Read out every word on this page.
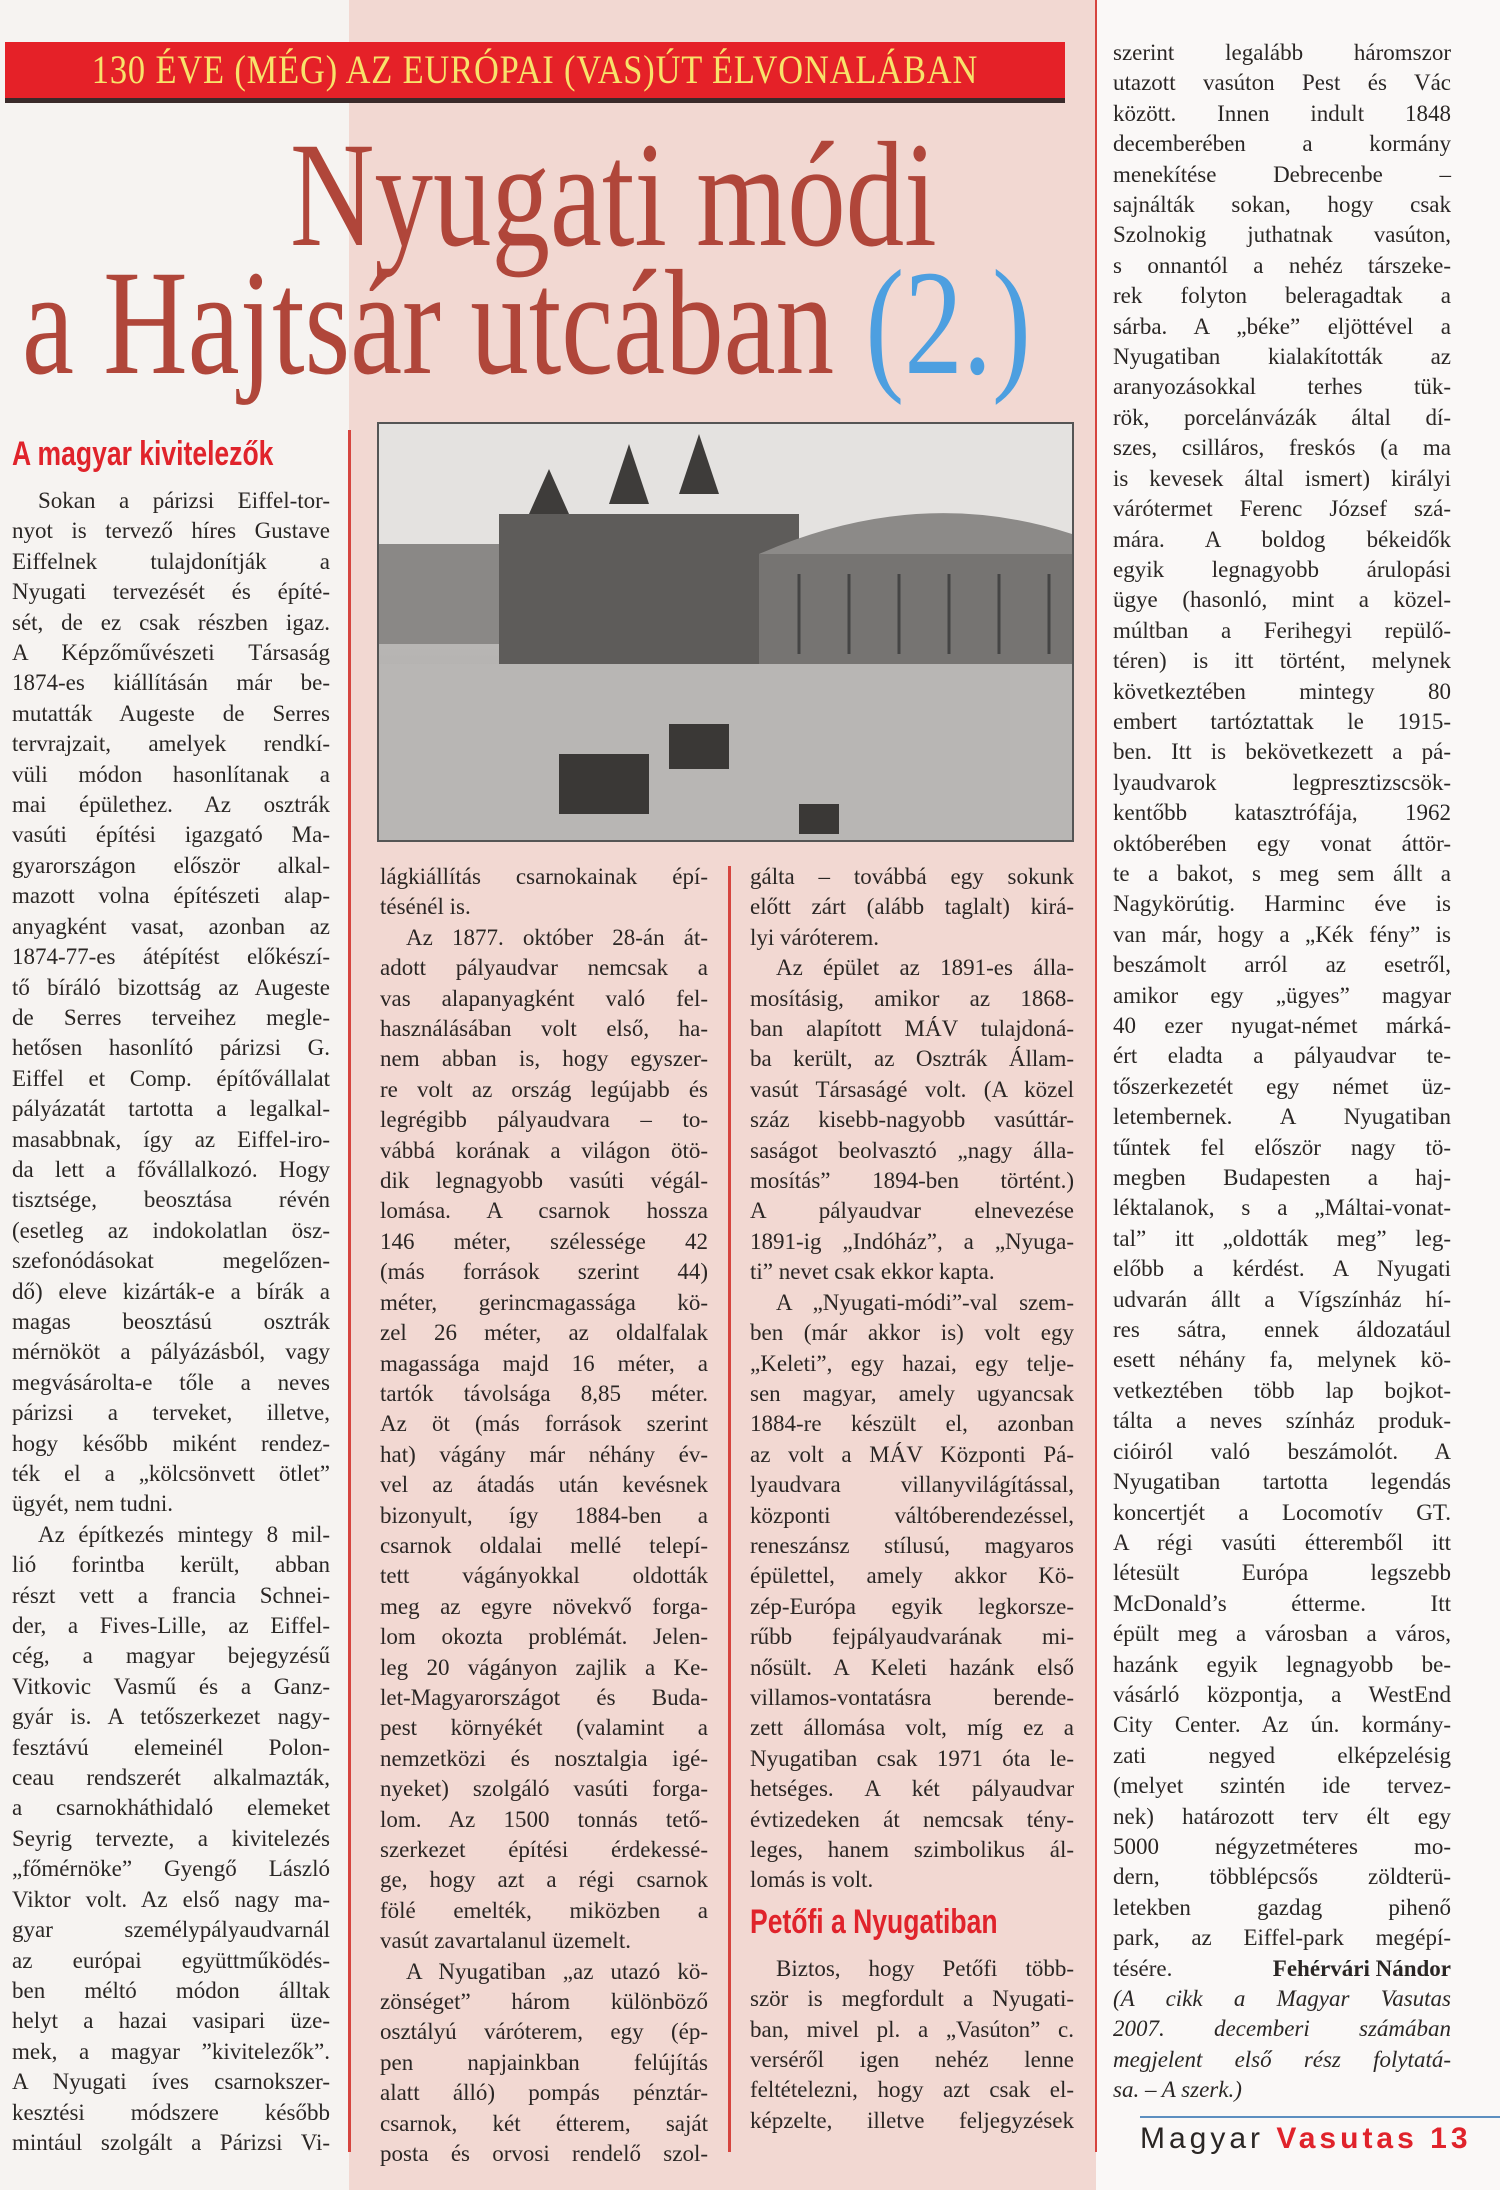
130 ÉVE (MÉG) AZ EURÓPAI (VAS)ÚT ÉLVONALÁBAN
Nyugati módi
a Hajtsár utcában (2.)
A magyar kivitelezők
Sokan a párizsi Eiffel-tor-
nyot is tervező híres Gustave
Eiffelnek tulajdonítják a
Nyugati tervezését és építé-
sét, de ez csak részben igaz.
A Képzőművészeti Társaság
1874-es kiállításán már be-
mutatták Augeste de Serres
tervrajzait, amelyek rendkí-
vüli módon hasonlítanak a
mai épülethez. Az osztrák
vasúti építési igazgató Ma-
gyarországon először alkal-
mazott volna építészeti alap-
anyagként vasat, azonban az
1874-77-es átépítést előkészí-
tő bíráló bizottság az Augeste
de Serres terveihez megle-
hetősen hasonlító párizsi G.
Eiffel et Comp. építővállalat
pályázatát tartotta a legalkal-
masabbnak, így az Eiffel-iro-
da lett a fővállalkozó. Hogy
tisztsége, beosztása révén
(esetleg az indokolatlan ösz-
szefonódásokat megelőzen-
dő) eleve kizárták-e a bírák a
magas beosztású osztrák
mérnököt a pályázásból, vagy
megvásárolta-e tőle a neves
párizsi a terveket, illetve,
hogy később miként rendez-
ték el a „kölcsönvett ötlet”
ügyét, nem tudni.
Az építkezés mintegy 8 mil-
lió forintba került, abban
részt vett a francia Schnei-
der, a Fives-Lille, az Eiffel-
cég, a magyar bejegyzésű
Vitkovic Vasmű és a Ganz-
gyár is. A tetőszerkezet nagy-
fesztávú elemeinél Polon-
ceau rendszerét alkalmazták,
a csarnokháthidaló elemeket
Seyrig tervezte, a kivitelezés
„főmérnöke” Gyengő László
Viktor volt. Az első nagy ma-
gyar személypályaudvarnál
az európai együttműködés-
ben méltó módon álltak
helyt a hazai vasipari üze-
mek, a magyar ”kivitelezők”.
A Nyugati íves csarnokszer-
kesztési módszere később
mintául szolgált a Párizsi Vi-
lágkiállítás csarnokainak épí-
tésénél is.
Az 1877. október 28-án át-
adott pályaudvar nemcsak a
vas alapanyagként való fel-
használásában volt első, ha-
nem abban is, hogy egyszer-
re volt az ország legújabb és
legrégibb pályaudvara – to-
vábbá korának a világon ötö-
dik legnagyobb vasúti végál-
lomása. A csarnok hossza
146 méter, szélessége 42
(más források szerint 44)
méter, gerincmagassága kö-
zel 26 méter, az oldalfalak
magassága majd 16 méter, a
tartók távolsága 8,85 méter.
Az öt (más források szerint
hat) vágány már néhány év-
vel az átadás után kevésnek
bizonyult, így 1884-ben a
csarnok oldalai mellé telepí-
tett vágányokkal oldották
meg az egyre növekvő forga-
lom okozta problémát. Jelen-
leg 20 vágányon zajlik a Ke-
let-Magyarországot és Buda-
pest környékét (valamint a
nemzetközi és nosztalgia igé-
nyeket) szolgáló vasúti forga-
lom. Az 1500 tonnás tető-
szerkezet építési érdekessé-
ge, hogy azt a régi csarnok
fölé emelték, miközben a
vasút zavartalanul üzemelt.
A Nyugatiban „az utazó kö-
zönséget” három különböző
osztályú váróterem, egy (ép-
pen napjainkban felújítás
alatt álló) pompás pénztár-
csarnok, két étterem, saját
posta és orvosi rendelő szol-
gálta – továbbá egy sokunk
előtt zárt (alább taglalt) kirá-
lyi váróterem.
Az épület az 1891-es álla-
mosításig, amikor az 1868-
ban alapított MÁV tulajdoná-
ba került, az Osztrák Állam-
vasút Társaságé volt. (A közel
száz kisebb-nagyobb vasúttár-
saságot beolvasztó „nagy álla-
mosítás” 1894-ben történt.)
A pályaudvar elnevezése
1891-ig „Indóház”, a „Nyuga-
ti” nevet csak ekkor kapta.
A „Nyugati-módi”-val szem-
ben (már akkor is) volt egy
„Keleti”, egy hazai, egy telje-
sen magyar, amely ugyancsak
1884-re készült el, azonban
az volt a MÁV Központi Pá-
lyaudvara villanyvilágítással,
központi váltóberendezéssel,
reneszánsz stílusú, magyaros
épülettel, amely akkor Kö-
zép-Európa egyik legkorsze-
rűbb fejpályaudvarának mi-
nősült. A Keleti hazánk első
villamos-vontatásra berende-
zett állomása volt, míg ez a
Nyugatiban csak 1971 óta le-
hetséges. A két pályaudvar
évtizedeken át nemcsak tény-
leges, hanem szimbolikus ál-
lomás is volt.
Petőfi a Nyugatiban
Biztos, hogy Petőfi több-
ször is megfordult a Nyugati-
ban, mivel pl. a „Vasúton” c.
verséről igen nehéz lenne
feltételezni, hogy azt csak el-
képzelte, illetve feljegyzések
szerint legalább háromszor
utazott vasúton Pest és Vác
között. Innen indult 1848
decemberében a kormány
menekítése Debrecenbe –
sajnálták sokan, hogy csak
Szolnokig juthatnak vasúton,
s onnantól a nehéz társzeke-
rek folyton beleragadtak a
sárba. A „béke” eljöttével a
Nyugatiban kialakították az
aranyozásokkal terhes tük-
rök, porcelánvázák által dí-
szes, csilláros, freskós (a ma
is kevesek által ismert) királyi
várótermet Ferenc József szá-
mára. A boldog békeidők
egyik legnagyobb árulopási
ügye (hasonló, mint a közel-
múltban a Ferihegyi repülő-
téren) is itt történt, melynek
következtében mintegy 80
embert tartóztattak le 1915-
ben. Itt is bekövetkezett a pá-
lyaudvarok legpresztizscsök-
kentőbb katasztrófája, 1962
októberében egy vonat áttör-
te a bakot, s meg sem állt a
Nagykörútig. Harminc éve is
van már, hogy a „Kék fény” is
beszámolt arról az esetről,
amikor egy „ügyes” magyar
40 ezer nyugat-német márká-
ért eladta a pályaudvar te-
tőszerkezetét egy német üz-
letembernek. A Nyugatiban
tűntek fel először nagy tö-
megben Budapesten a haj-
léktalanok, s a „Máltai-vonat-
tal” itt „oldották meg” leg-
előbb a kérdést. A Nyugati
udvarán állt a Vígszínház hí-
res sátra, ennek áldozatául
esett néhány fa, melynek kö-
vetkeztében több lap bojkot-
tálta a neves színház produk-
cióiról való beszámolót. A
Nyugatiban tartotta legendás
koncertjét a Locomotív GT.
A régi vasúti étteremből itt
létesült Európa legszebb
McDonald’s étterme. Itt
épült meg a városban a város,
hazánk egyik legnagyobb be-
vásárló központja, a WestEnd
City Center. Az ún. kormány-
zati negyed elképzelésig
(melyet szintén ide tervez-
nek) határozott terv élt egy
5000 négyzetméteres mo-
dern, többlépcsős zöldterü-
letekben gazdag pihenő
park, az Eiffel-park megépí-
tésére.	Fehérvári Nándor
(A cikk a Magyar Vasutas
2007. decemberi számában
megjelent első rész folytatá-
sa. – A szerk.)
Magyar Vasutas 13
